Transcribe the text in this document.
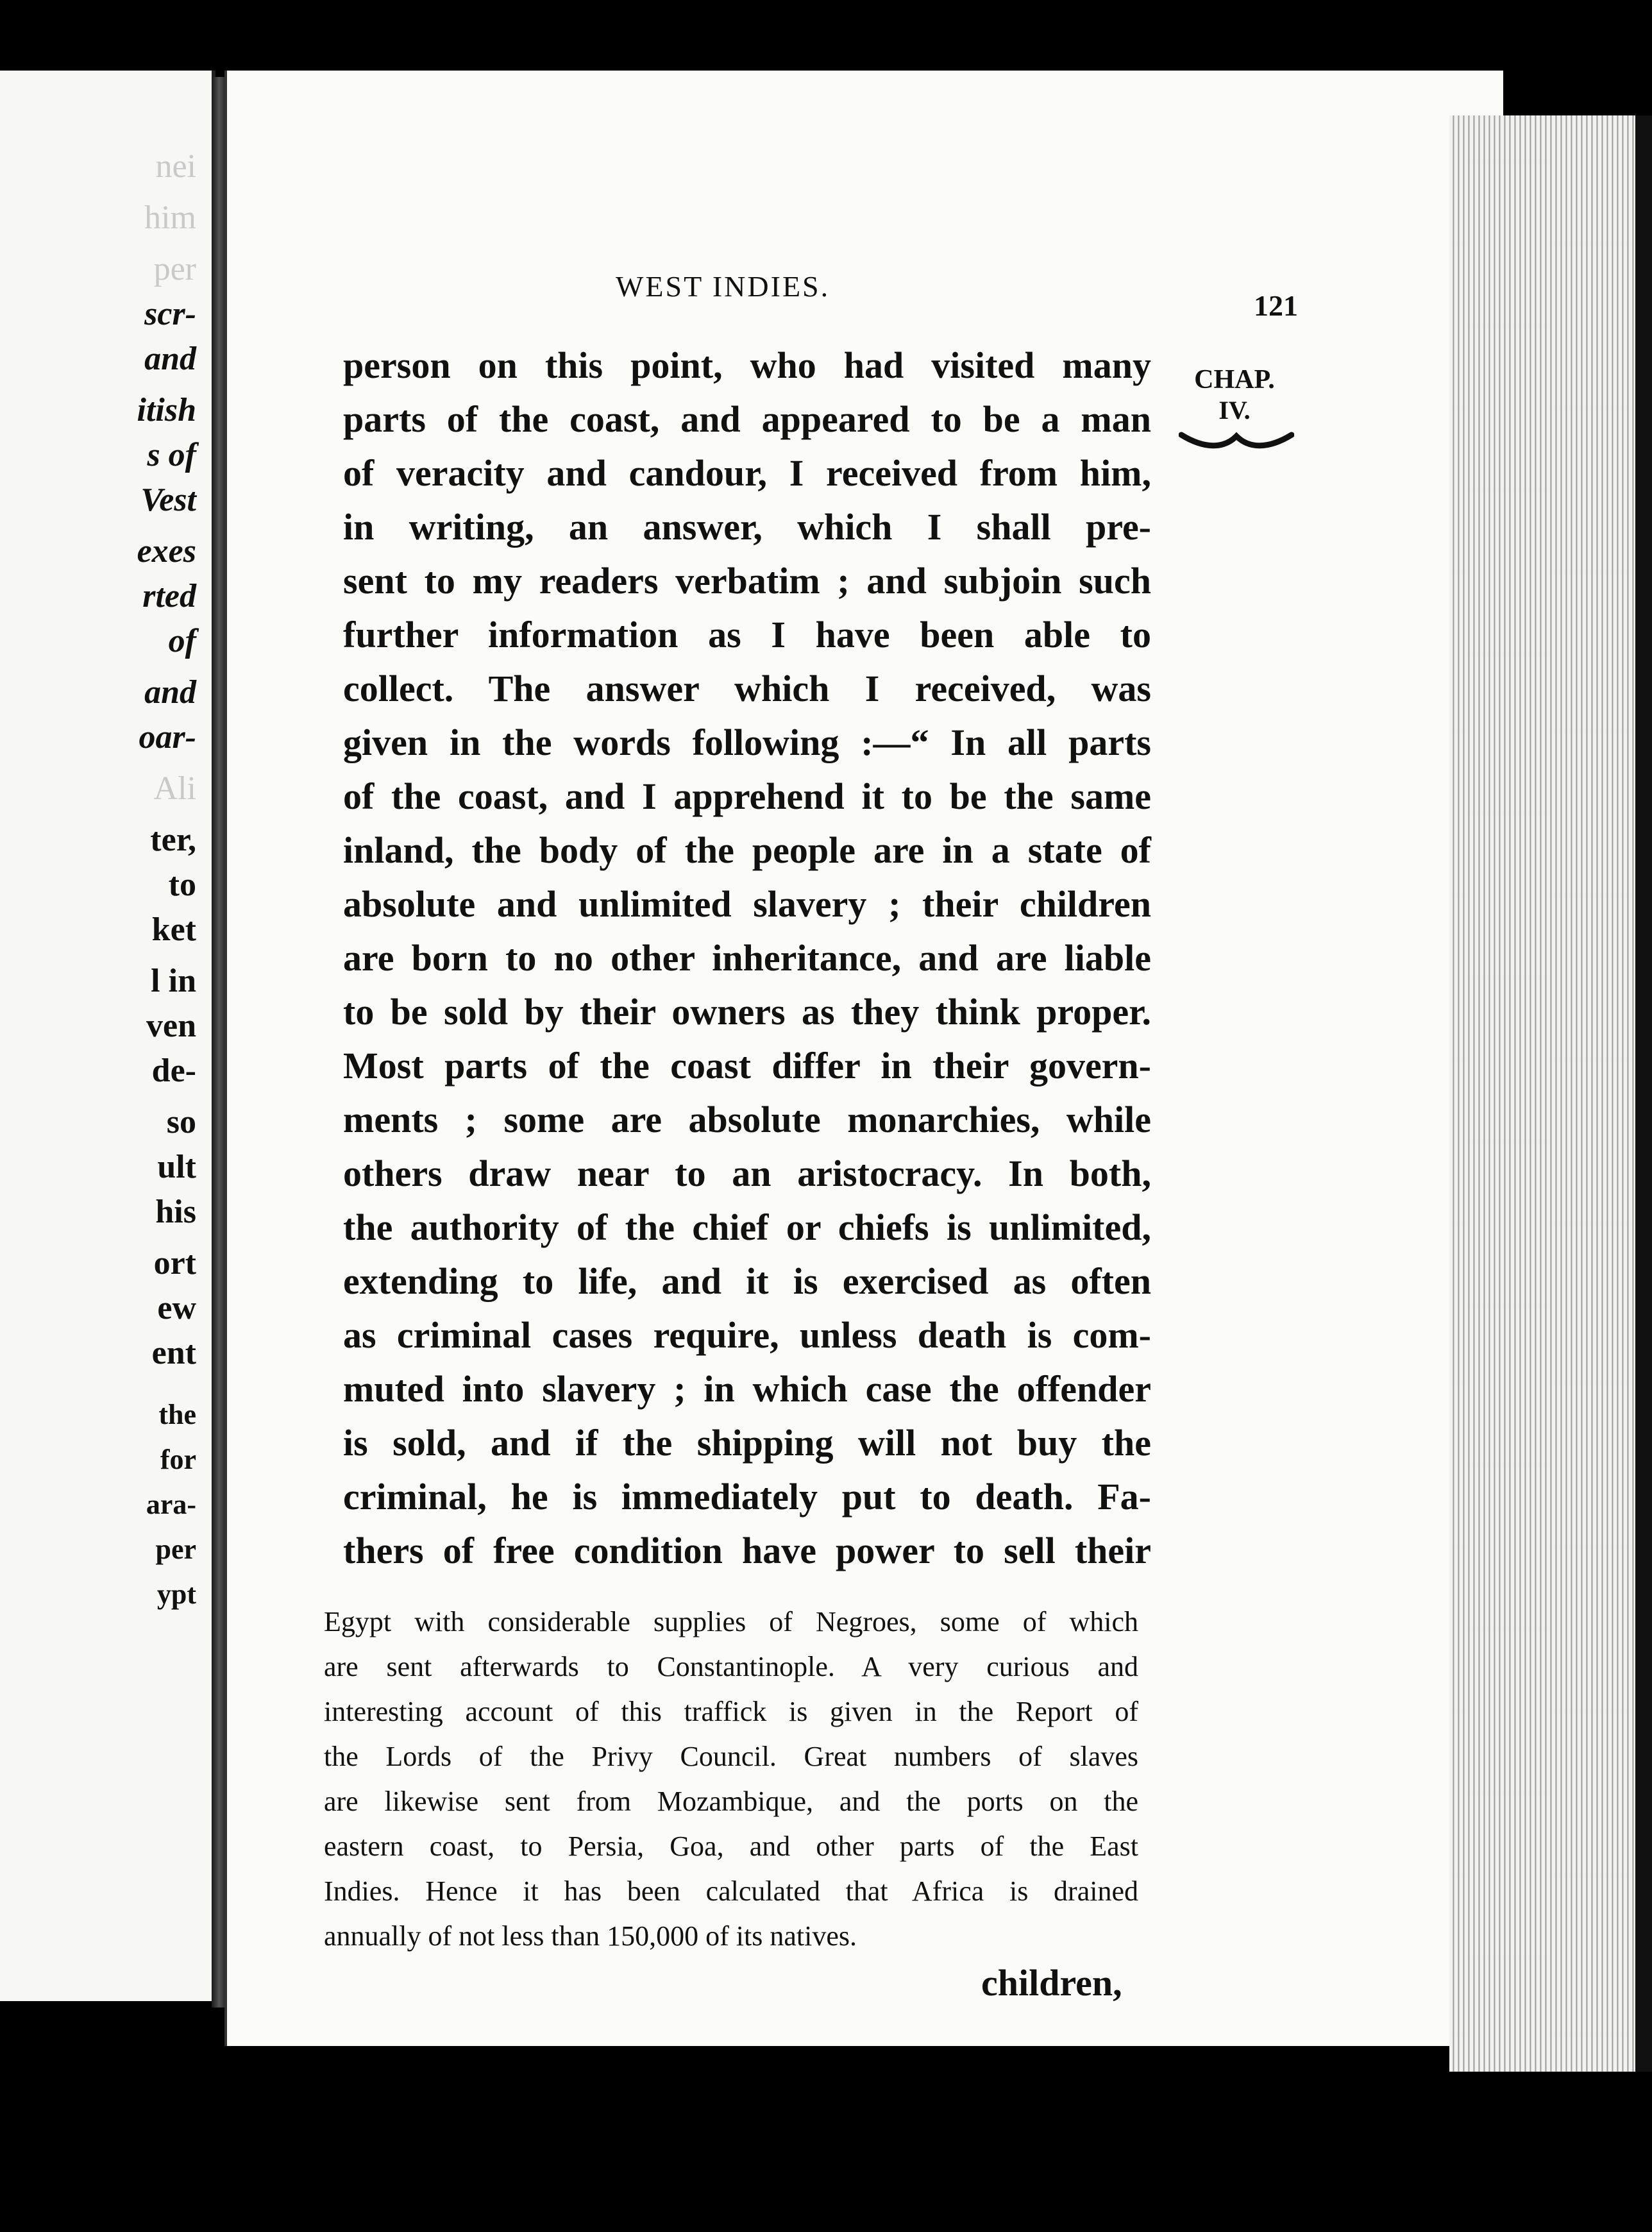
nei
him
per
scr-
and
itish
s of
Vest
exes
rted
of
and
oar-
Ali
ter,
to
ket
l in
ven
de-
so
ult
his
ort
ew
ent
the
for
ara-
per
ypt
WEST INDIES.
121
CHAP.
IV.
person on this point, who had visited many
parts of the coast, and appeared to be a man
of veracity and candour, I received from him,
in writing, an answer, which I shall pre-
sent to my readers verbatim ; and subjoin such
further information as I have been able to
collect. The answer which I received, was
given in the words following :—“ In all parts
of the coast, and I apprehend it to be the same
inland, the body of the people are in a state of
absolute and unlimited slavery ; their children
are born to no other inheritance, and are liable
to be sold by their owners as they think proper.
Most parts of the coast differ in their govern-
ments ; some are absolute monarchies, while
others draw near to an aristocracy. In both,
the authority of the chief or chiefs is unlimited,
extending to life, and it is exercised as often
as criminal cases require, unless death is com-
muted into slavery ; in which case the offender
is sold, and if the shipping will not buy the
criminal, he is immediately put to death. Fa-
thers of free condition have power to sell their
Egypt with considerable supplies of Negroes, some of which
are sent afterwards to Constantinople. A very curious and
interesting account of this traffick is given in the Report of
the Lords of the Privy Council. Great numbers of slaves
are likewise sent from Mozambique, and the ports on the
eastern coast, to Persia, Goa, and other parts of the East
Indies. Hence it has been calculated that Africa is drained
annually of not less than 150,000 of its natives.
children,
